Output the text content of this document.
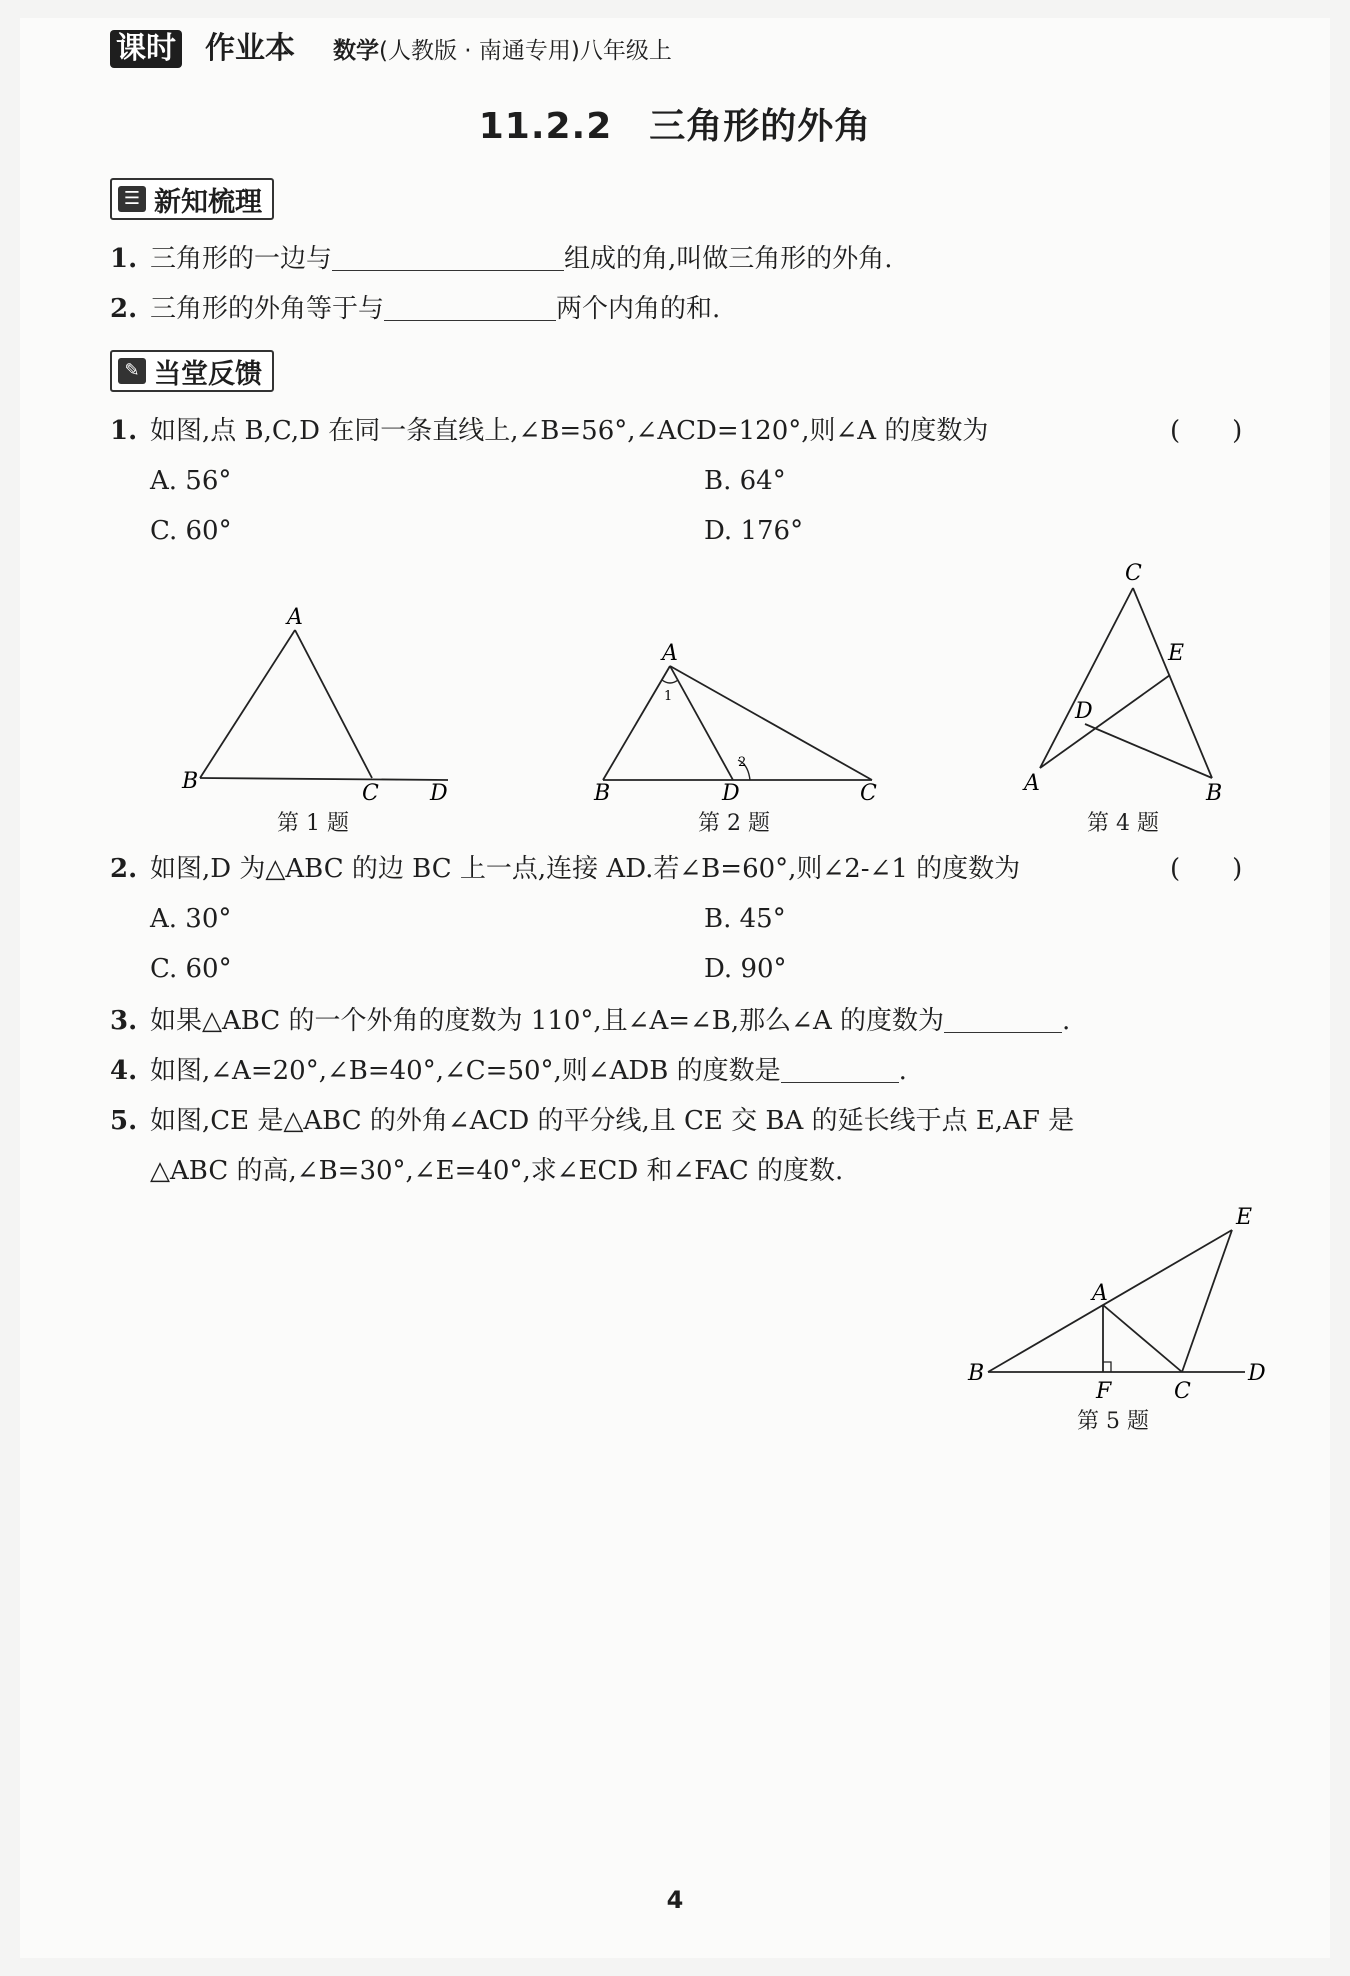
课时 作业本 数学(人教版 · 南通专用)八年级上
11.2.2　三角形的外角
☰ 新知梳理
1. 三角形的一边与	组成的角,叫做三角形的外角.
2. 三角形的外角等于与	两个内角的和.
✎ 当堂反馈
1. 如图,点 B,C,D 在同一条直线上,∠B=56°,∠ACD=120°,则∠A 的度数为	(　　)
A. 56°	B. 64°
C. 60°	D. 176°
A
B	C D
A
B	D	C
1
2
C
E
D
A	B
第 1 题	第 2 题	第 4 题
2. 如图,D 为△ABC 的边 BC 上一点,连接 AD.若∠B=60°,则∠2-∠1 的度数为	(　　)
A. 30°	B. 45°
C. 60°	D. 90°
3. 如果△ABC 的一个外角的度数为 110°,且∠A=∠B,那么∠A 的度数为	.
4. 如图,∠A=20°,∠B=40°,∠C=50°,则∠ADB 的度数是	.
5. 如图,CE 是△ABC 的外角∠ACD 的平分线,且 CE 交 BA 的延长线于点 E,AF 是
△ABC 的高,∠B=30°,∠E=40°,求∠ECD 和∠FAC 的度数.
E
A
B
F	C
D
第 5 题
4
